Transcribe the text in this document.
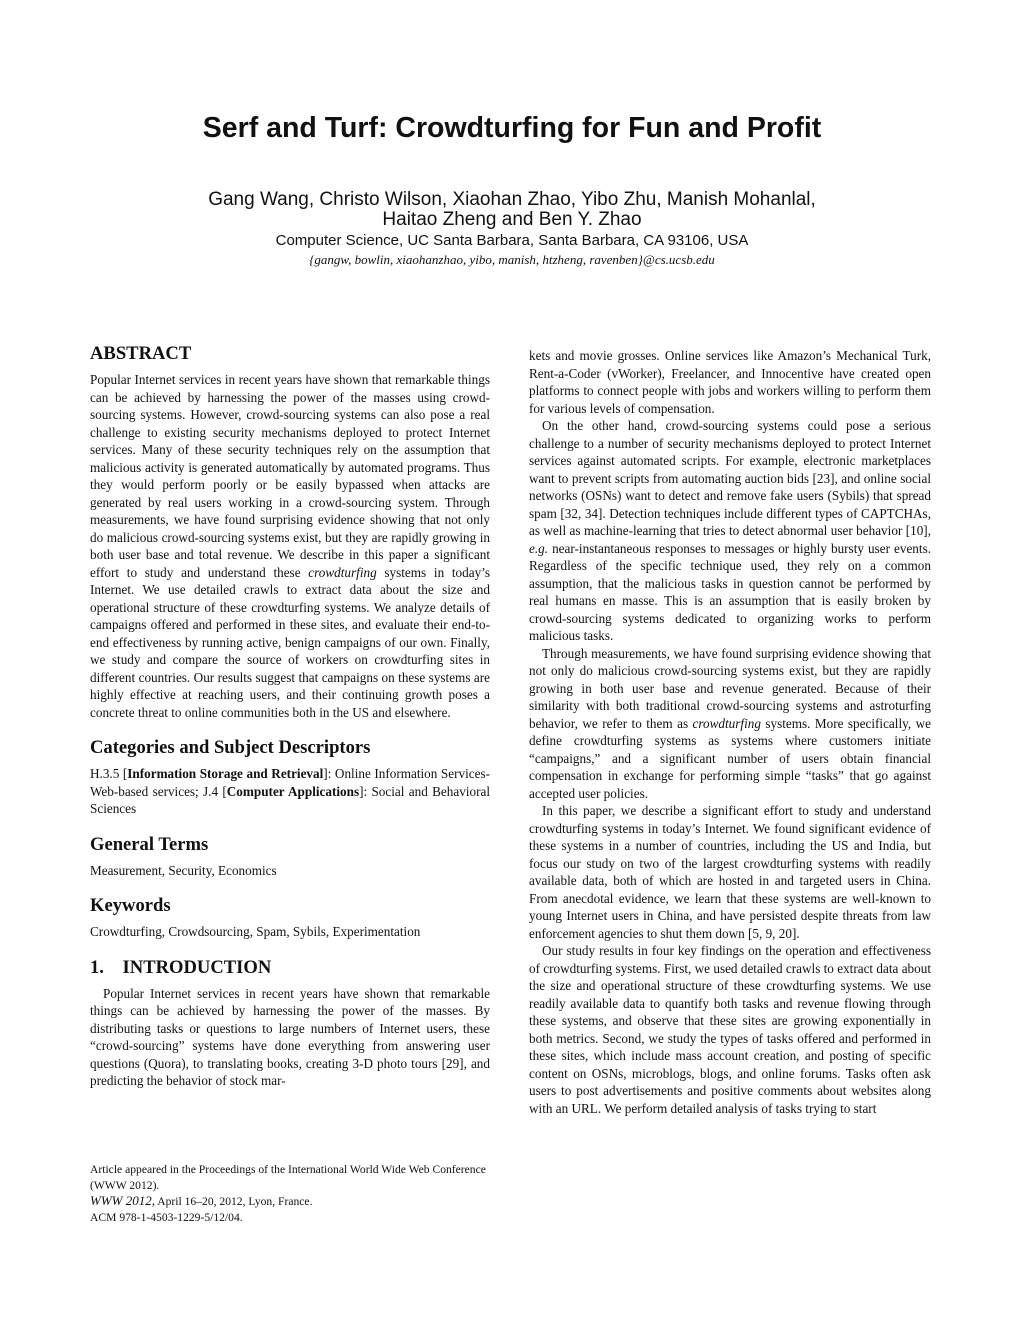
Serf and Turf: Crowdturfing for Fun and Profit
Gang Wang, Christo Wilson, Xiaohan Zhao, Yibo Zhu, Manish Mohanlal,
Haitao Zheng and Ben Y. Zhao
Computer Science, UC Santa Barbara, Santa Barbara, CA 93106, USA
{gangw, bowlin, xiaohanzhao, yibo, manish, htzheng, ravenben}@cs.ucsb.edu
ABSTRACT

Popular Internet services in recent years have shown that remarkable things can be achieved by harnessing the power of the masses using crowd-sourcing systems. However, crowd-sourcing systems can also pose a real challenge to existing security mechanisms deployed to protect Internet services. Many of these security techniques rely on the assumption that malicious activity is generated automatically by automated programs. Thus they would perform poorly or be easily bypassed when attacks are generated by real users working in a crowd-sourcing system. Through measurements, we have found surprising evidence showing that not only do malicious crowd-sourcing systems exist, but they are rapidly growing in both user base and total revenue. We describe in this paper a significant effort to study and understand these crowdturfing systems in today’s Internet. We use detailed crawls to extract data about the size and operational structure of these crowdturfing systems. We analyze details of campaigns offered and performed in these sites, and evaluate their end-to-end effectiveness by running active, benign campaigns of our own. Finally, we study and compare the source of workers on crowdturfing sites in different countries. Our results suggest that campaigns on these systems are highly effective at reaching users, and their continuing growth poses a concrete threat to online communities both in the US and elsewhere.

Categories and Subject Descriptors

H.3.5 [Information Storage and Retrieval]: Online Information Services-Web-based services; J.4 [Computer Applications]: Social and Behavioral Sciences

General Terms

Measurement, Security, Economics

Keywords

Crowdturfing, Crowdsourcing, Spam, Sybils, Experimentation

1.    INTRODUCTION

Popular Internet services in recent years have shown that remarkable things can be achieved by harnessing the power of the masses. By distributing tasks or questions to large numbers of Internet users, these “crowd-sourcing” systems have done everything from answering user questions (Quora), to translating books, creating 3-D photo tours [29], and predicting the behavior of stock mar-

Article appeared in the Proceedings of the International World Wide Web Conference (WWW 2012).

WWW 2012, April 16–20, 2012, Lyon, France.

ACM 978-1-4503-1229-5/12/04.

kets and movie grosses. Online services like Amazon’s Mechanical Turk, Rent-a-Coder (vWorker), Freelancer, and Innocentive have created open platforms to connect people with jobs and workers willing to perform them for various levels of compensation.

On the other hand, crowd-sourcing systems could pose a serious challenge to a number of security mechanisms deployed to protect Internet services against automated scripts. For example, electronic marketplaces want to prevent scripts from automating auction bids [23], and online social networks (OSNs) want to detect and remove fake users (Sybils) that spread spam [32, 34]. Detection techniques include different types of CAPTCHAs, as well as machine-learning that tries to detect abnormal user behavior [10], e.g. near-instantaneous responses to messages or highly bursty user events. Regardless of the specific technique used, they rely on a common assumption, that the malicious tasks in question cannot be performed by real humans en masse. This is an assumption that is easily broken by crowd-sourcing systems dedicated to organizing works to perform malicious tasks.

Through measurements, we have found surprising evidence showing that not only do malicious crowd-sourcing systems exist, but they are rapidly growing in both user base and revenue generated. Because of their similarity with both traditional crowd-sourcing systems and astroturfing behavior, we refer to them as crowdturfing systems. More specifically, we define crowdturfing systems as systems where customers initiate “campaigns,” and a significant number of users obtain financial compensation in exchange for performing simple “tasks” that go against accepted user policies.

In this paper, we describe a significant effort to study and understand crowdturfing systems in today’s Internet. We found significant evidence of these systems in a number of countries, including the US and India, but focus our study on two of the largest crowdturfing systems with readily available data, both of which are hosted in and targeted users in China. From anecdotal evidence, we learn that these systems are well-known to young Internet users in China, and have persisted despite threats from law enforcement agencies to shut them down [5, 9, 20].

Our study results in four key findings on the operation and effectiveness of crowdturfing systems. First, we used detailed crawls to extract data about the size and operational structure of these crowdturfing systems. We use readily available data to quantify both tasks and revenue flowing through these systems, and observe that these sites are growing exponentially in both metrics. Second, we study the types of tasks offered and performed in these sites, which include mass account creation, and posting of specific content on OSNs, microblogs, blogs, and online forums. Tasks often ask users to post advertisements and positive comments about websites along with an URL. We perform detailed analysis of tasks trying to start
